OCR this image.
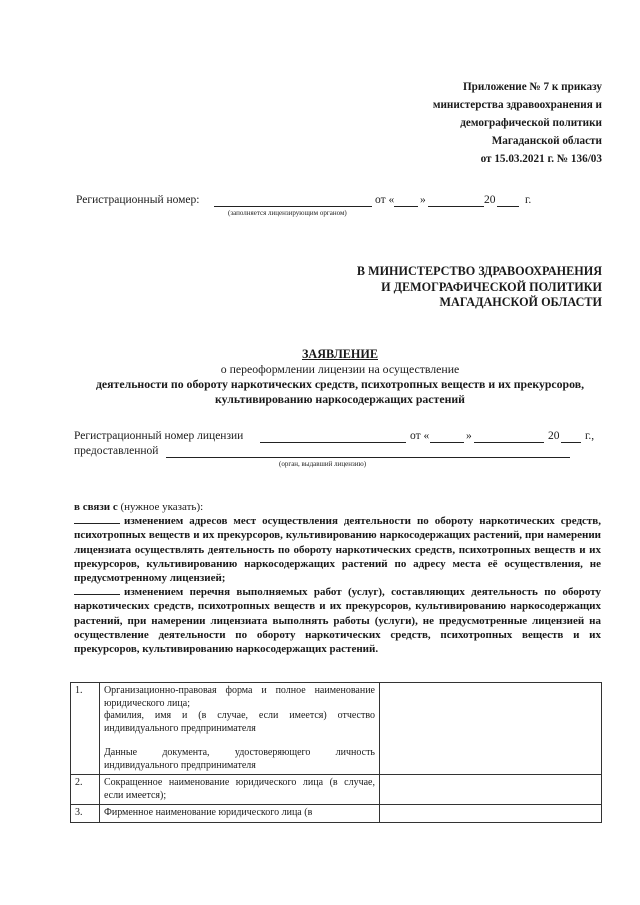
Приложение № 7 к приказу
министерства здравоохранения и
демографической политики
Магаданской области
от 15.03.2021 г. № 136/03
Регистрационный номер:	от « »	20	г.
(заполняется лицензирующим органом)
В МИНИСТЕРСТВО ЗДРАВООХРАНЕНИЯ
И ДЕМОГРАФИЧЕСКОЙ ПОЛИТИКИ
МАГАДАНСКОЙ ОБЛАСТИ
ЗАЯВЛЕНИЕ
о переоформлении лицензии на осуществление
деятельности по обороту наркотических средств, психотропных веществ и их прекурсоров,
культивированию наркосодержащих растений
Регистрационный номер лицензии	от «	»	20 г.,
предоставленной
(орган, выдавший лицензию)
в связи с (нужное указать):

изменением адресов мест осуществления деятельности по обороту наркотических средств, психотропных веществ и их прекурсоров, культивированию наркосодержащих растений, при намерении лицензиата осуществлять деятельность по обороту наркотических средств, психотропных веществ и их прекурсоров, культивированию наркосодержащих растений по адресу места её осуществления, не предусмотренному лицензией;

изменением перечня выполняемых работ (услуг), составляющих деятельность по обороту наркотических средств, психотропных веществ и их прекурсоров, культивированию наркосодержащих растений, при намерении лицензиата выполнять работы (услуги), не предусмотренные лицензией на осуществление деятельности по обороту наркотических средств, психотропных веществ и их прекурсоров, культивированию наркосодержащих растений.

1.	Организационно-правовая форма и полное наименование юридического лица;
фамилия, имя и (в случае, если имеется) отчество индивидуального предпринимателя
Данные документа, удостоверяющего личность индивидуального предпринимателя	

2.	Сокращенное наименование юридического лица (в случае, если имеется);	
3.	Фирменное наименование юридического лица (в	
